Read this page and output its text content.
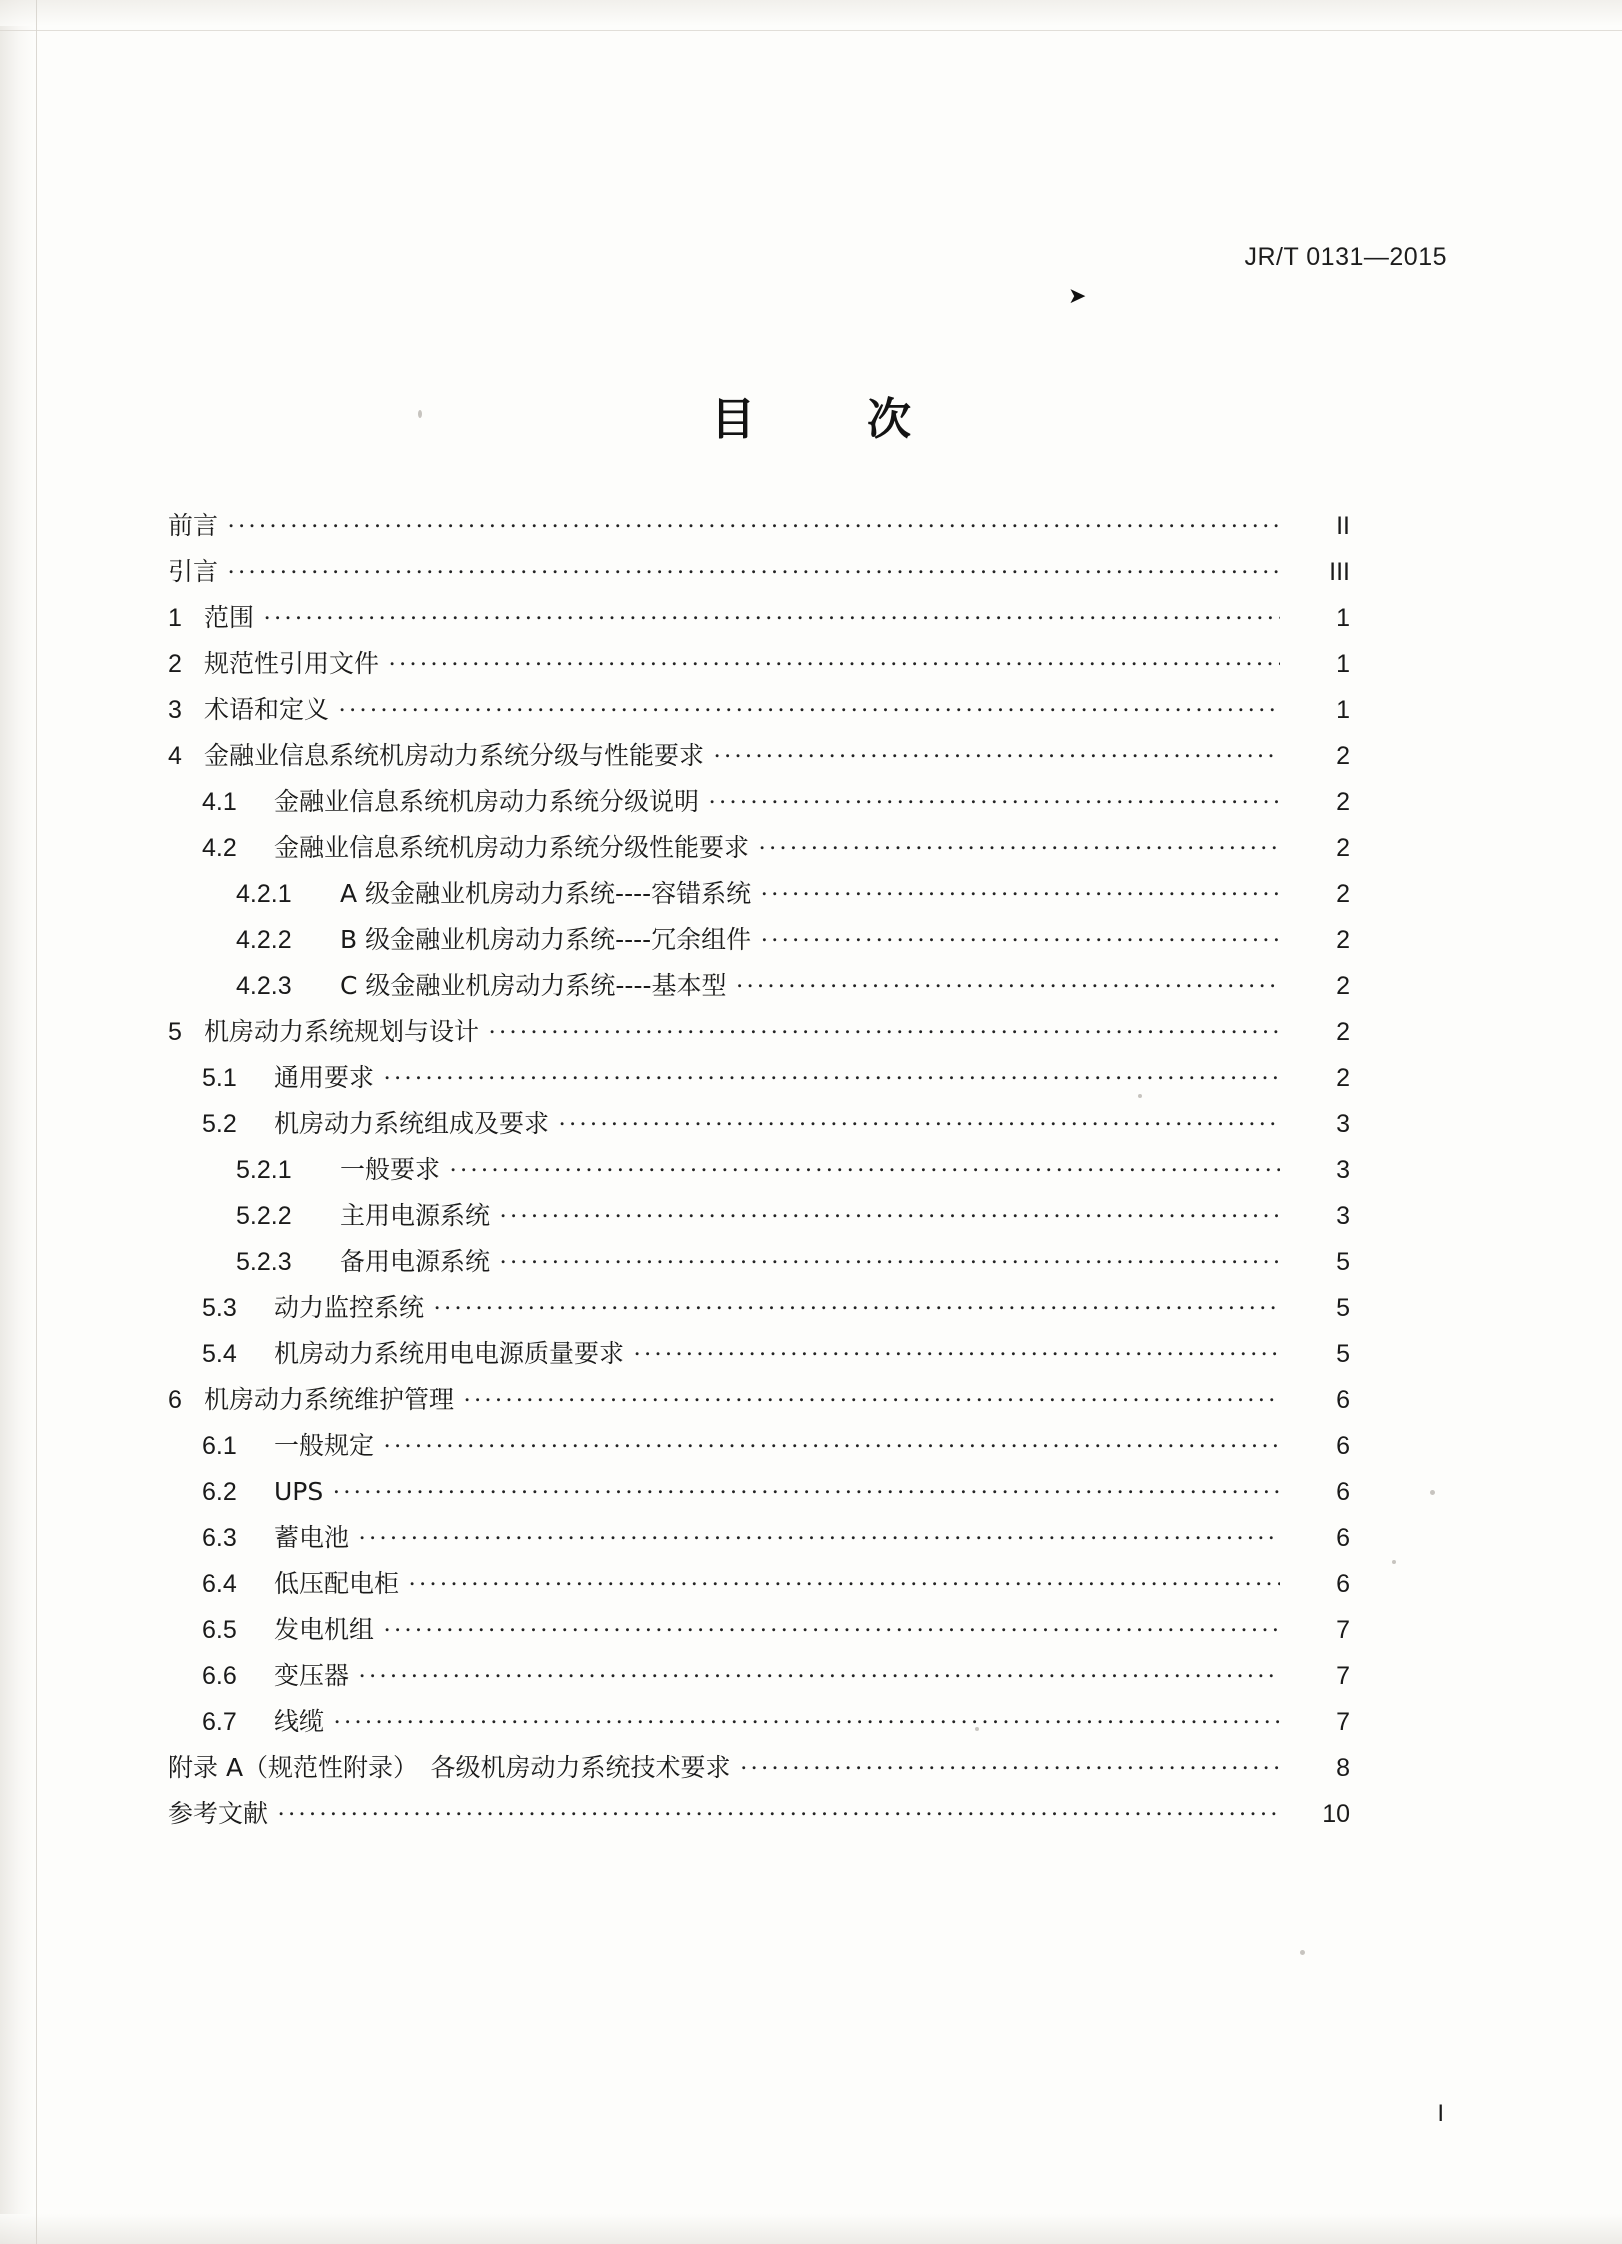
JR/T 0131—2015
➤
目　次
前言 .....	II
引言 .....	III
1 范围 .....	1
2 规范性引用文件 .....	1
3 术语和定义 .....	1
4 金融业信息系统机房动力系统分级与性能要求 .....	2
4.1	金融业信息系统机房动力系统分级说明 .....	2
4.2	金融业信息系统机房动力系统分级性能要求 .....	2
4.2.1	A 级金融业机房动力系统----容错系统 .....	2
4.2.2	B 级金融业机房动力系统----冗余组件 .....	2
4.2.3	C 级金融业机房动力系统----基本型 .....	2
5 机房动力系统规划与设计 .....	2
5.1	通用要求 .....	2
5.2	机房动力系统组成及要求 .....	3
5.2.1	一般要求 .....	3
5.2.2	主用电源系统 .....	3
5.2.3	备用电源系统 .....	5
5.3	动力监控系统 .....	5
5.4	机房动力系统用电电源质量要求 .....	5
6 机房动力系统维护管理 .....	6
6.1	一般规定 .....	6
6.2	UPS .....	6
6.3	蓄电池 .....	6
6.4	低压配电柜 .....	6
6.5	发电机组 .....	7
6.6	变压器 .....	7
6.7	线缆 .....	7
附录 A（规范性附录）　各级机房动力系统技术要求 .....	8
参考文献 .....	10
I
